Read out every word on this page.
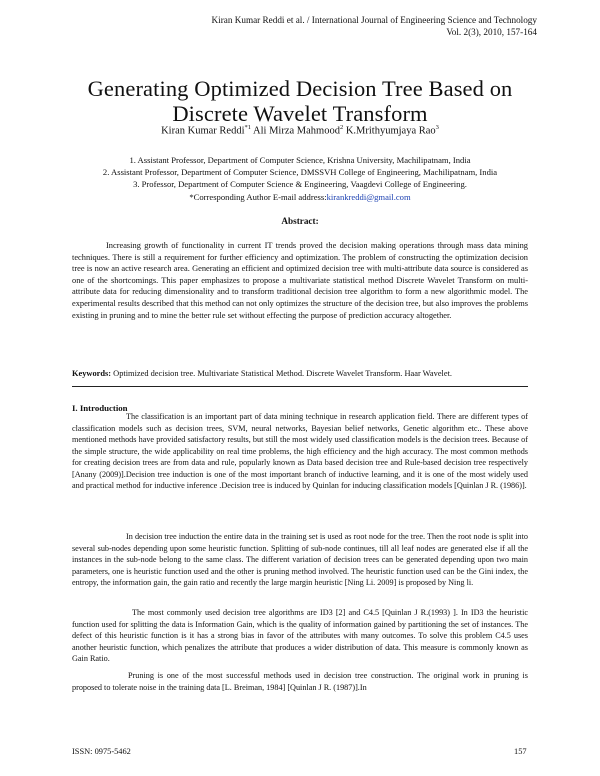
Kiran Kumar Reddi et al. / International Journal of Engineering Science and Technology
Vol. 2(3), 2010, 157-164
Generating Optimized Decision Tree Based on
Discrete Wavelet Transform
Kiran Kumar Reddi$^{*1}$ Ali Mirza Mahmood$^2$ K.Mrithyumjaya Rao$^3$
1. Assistant Professor, Department of Computer Science, Krishna University, Machilipatnam, India
2. Assistant Professor, Department of Computer Science, DMSSVH College of Engineering, Machilipatnam, India
3. Professor, Department of Computer Science & Engineering, Vaagdevi College of Engineering.
*Corresponding Author E-mail address:kirankreddi@gmail.com
Abstract:
Increasing growth of functionality in current IT trends proved the decision making operations through mass data mining techniques. There is still a requirement for further efficiency and optimization. The problem of constructing the optimization decision tree is now an active research area. Generating an efficient and optimized decision tree with multi-attribute data source is considered as one of the shortcomings. This paper emphasizes to propose a multivariate statistical method Discrete Wavelet Transform on multi-attribute data for reducing dimensionality and to transform traditional decision tree algorithm to form a new algorithmic model. The experimental results described that this method can not only optimizes the structure of the decision tree, but also improves the problems existing in pruning and to mine the better rule set without effecting the purpose of prediction accuracy altogether.
Keywords: Optimized decision tree. Multivariate Statistical Method. Discrete Wavelet Transform. Haar Wavelet.
I. Introduction
The classification is an important part of data mining technique in research application field. There are different types of classification models such as decision trees, SVM, neural networks, Bayesian belief networks, Genetic algorithm etc.. These above mentioned methods have provided satisfactory results, but still the most widely used classification models is the decision trees. Because of the simple structure, the wide applicability on real time problems, the high efficiency and the high accuracy. The most common methods for creating decision trees are from data and rule, popularly known as Data based decision tree and Rule-based decision tree respectively [Anany (2009)].Decision tree induction is one of the most important branch of inductive learning, and it is one of the most widely used and practical method for inductive inference .Decision tree is induced by Quinlan for inducing classification models [Quinlan J R. (1986)].
In decision tree induction the entire data in the training set is used as root node for the tree. Then the root node is split into several sub-nodes depending upon some heuristic function. Splitting of sub-node continues, till all leaf nodes are generated else if all the instances in the sub-node belong to the same class. The different variation of decision trees can be generated depending upon two main parameters, one is heuristic function used and the other is pruning method involved. The heuristic function used can be the Gini index, the entropy, the information gain, the gain ratio and recently the large margin heuristic [Ning Li. 2009] is proposed by Ning li.
The most commonly used decision tree algorithms are ID3 [2] and C4.5 [Quinlan J R.(1993) ]. In ID3 the heuristic function used for splitting the data is Information Gain, which is the quality of information gained by partitioning the set of instances. The defect of this heuristic function is it has a strong bias in favor of the attributes with many outcomes. To solve this problem C4.5 uses another heuristic function, which penalizes the attribute that produces a wider distribution of data. This measure is commonly known as Gain Ratio.
Pruning is one of the most successful methods used in decision tree construction. The original work in pruning is proposed to tolerate noise in the training data [L. Breiman, 1984] [Quinlan J R. (1987)].In
ISSN: 0975-5462	157
